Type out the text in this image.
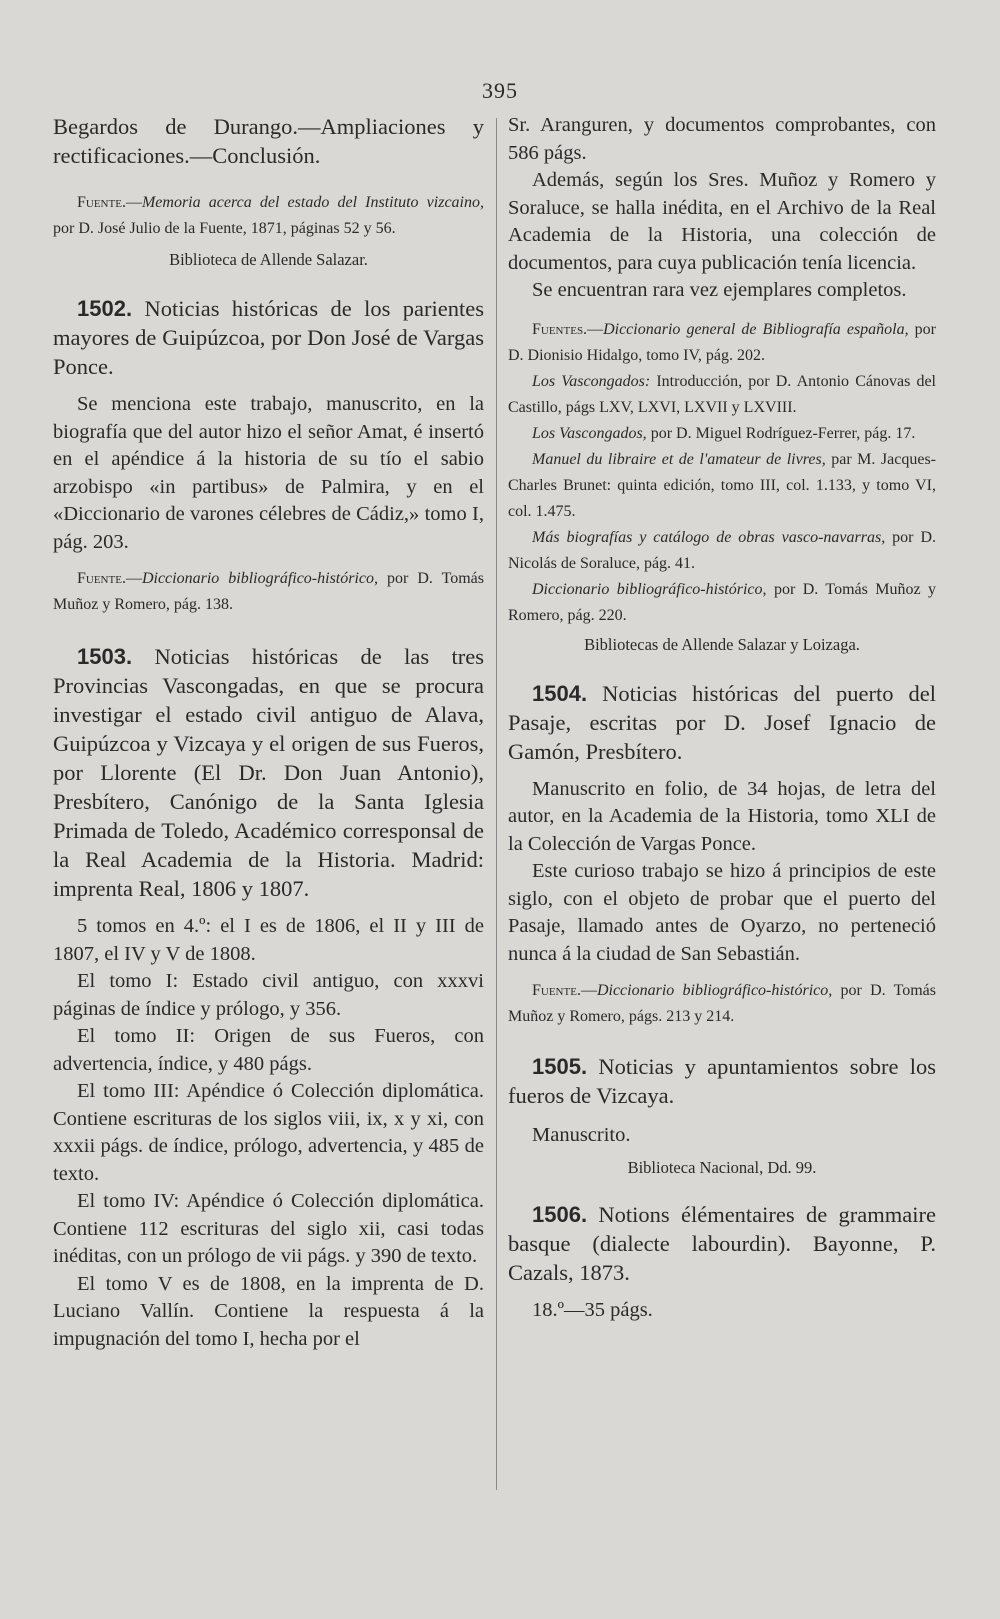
395

Begardos de Durango.—Ampliaciones y rectificaciones.—Conclusión.

Fuente.—Memoria acerca del estado del Instituto vizcaino, por D. José Julio de la Fuente, 1871, páginas 52 y 56.

Biblioteca de Allende Salazar.

1502. Noticias históricas de los parientes mayores de Guipúzcoa, por Don José de Vargas Ponce.

Se menciona este trabajo, manuscrito, en la biografía que del autor hizo el señor Amat, é insertó en el apéndice á la historia de su tío el sabio arzobispo «in partibus» de Palmira, y en el «Diccionario de varones célebres de Cádiz,» tomo I, pág. 203.

Fuente.—Diccionario bibliográfico-histórico, por D. Tomás Muñoz y Romero, pág. 138.

1503. Noticias históricas de las tres Provincias Vascongadas, en que se procura investigar el estado civil antiguo de Alava, Guipúzcoa y Vizcaya y el origen de sus Fueros, por Llorente (El Dr. Don Juan Antonio), Presbítero, Canónigo de la Santa Iglesia Primada de Toledo, Académico corresponsal de la Real Academia de la Historia. Madrid: imprenta Real, 1806 y 1807.

5 tomos en 4.º: el I es de 1806, el II y III de 1807, el IV y V de 1808.

El tomo I: Estado civil antiguo, con xxxvi páginas de índice y prólogo, y 356.

El tomo II: Origen de sus Fueros, con advertencia, índice, y 480 págs.

El tomo III: Apéndice ó Colección diplomática. Contiene escrituras de los siglos viii, ix, x y xi, con xxxii págs. de índice, prólogo, advertencia, y 485 de texto.

El tomo IV: Apéndice ó Colección diplomática. Contiene 112 escrituras del siglo xii, casi todas inéditas, con un prólogo de vii págs. y 390 de texto.

El tomo V es de 1808, en la imprenta de D. Luciano Vallín. Contiene la respuesta á la impugnación del tomo I, hecha por el

Sr. Aranguren, y documentos comprobantes, con 586 págs.

Además, según los Sres. Muñoz y Romero y Soraluce, se halla inédita, en el Archivo de la Real Academia de la Historia, una colección de documentos, para cuya publicación tenía licencia.

Se encuentran rara vez ejemplares completos.

Fuentes.—Diccionario general de Bibliografía española, por D. Dionisio Hidalgo, tomo IV, pág. 202.

Los Vascongados: Introducción, por D. Antonio Cánovas del Castillo, págs LXV, LXVI, LXVII y LXVIII.

Los Vascongados, por D. Miguel Rodríguez-Ferrer, pág. 17.

Manuel du libraire et de l'amateur de livres, par M. Jacques-Charles Brunet: quinta edición, tomo III, col. 1.133, y tomo VI, col. 1.475.

Más biografías y catálogo de obras vasco-navarras, por D. Nicolás de Soraluce, pág. 41.

Diccionario bibliográfico-histórico, por D. Tomás Muñoz y Romero, pág. 220.

Bibliotecas de Allende Salazar y Loizaga.

1504. Noticias históricas del puerto del Pasaje, escritas por D. Josef Ignacio de Gamón, Presbítero.

Manuscrito en folio, de 34 hojas, de letra del autor, en la Academia de la Historia, tomo XLI de la Colección de Vargas Ponce.

Este curioso trabajo se hizo á principios de este siglo, con el objeto de probar que el puerto del Pasaje, llamado antes de Oyarzo, no perteneció nunca á la ciudad de San Sebastián.

Fuente.—Diccionario bibliográfico-histórico, por D. Tomás Muñoz y Romero, págs. 213 y 214.

1505. Noticias y apuntamientos sobre los fueros de Vizcaya.

Manuscrito.

Biblioteca Nacional, Dd. 99.

1506. Notions élémentaires de grammaire basque (dialecte labourdin). Bayonne, P. Cazals, 1873.

18.º—35 págs.
